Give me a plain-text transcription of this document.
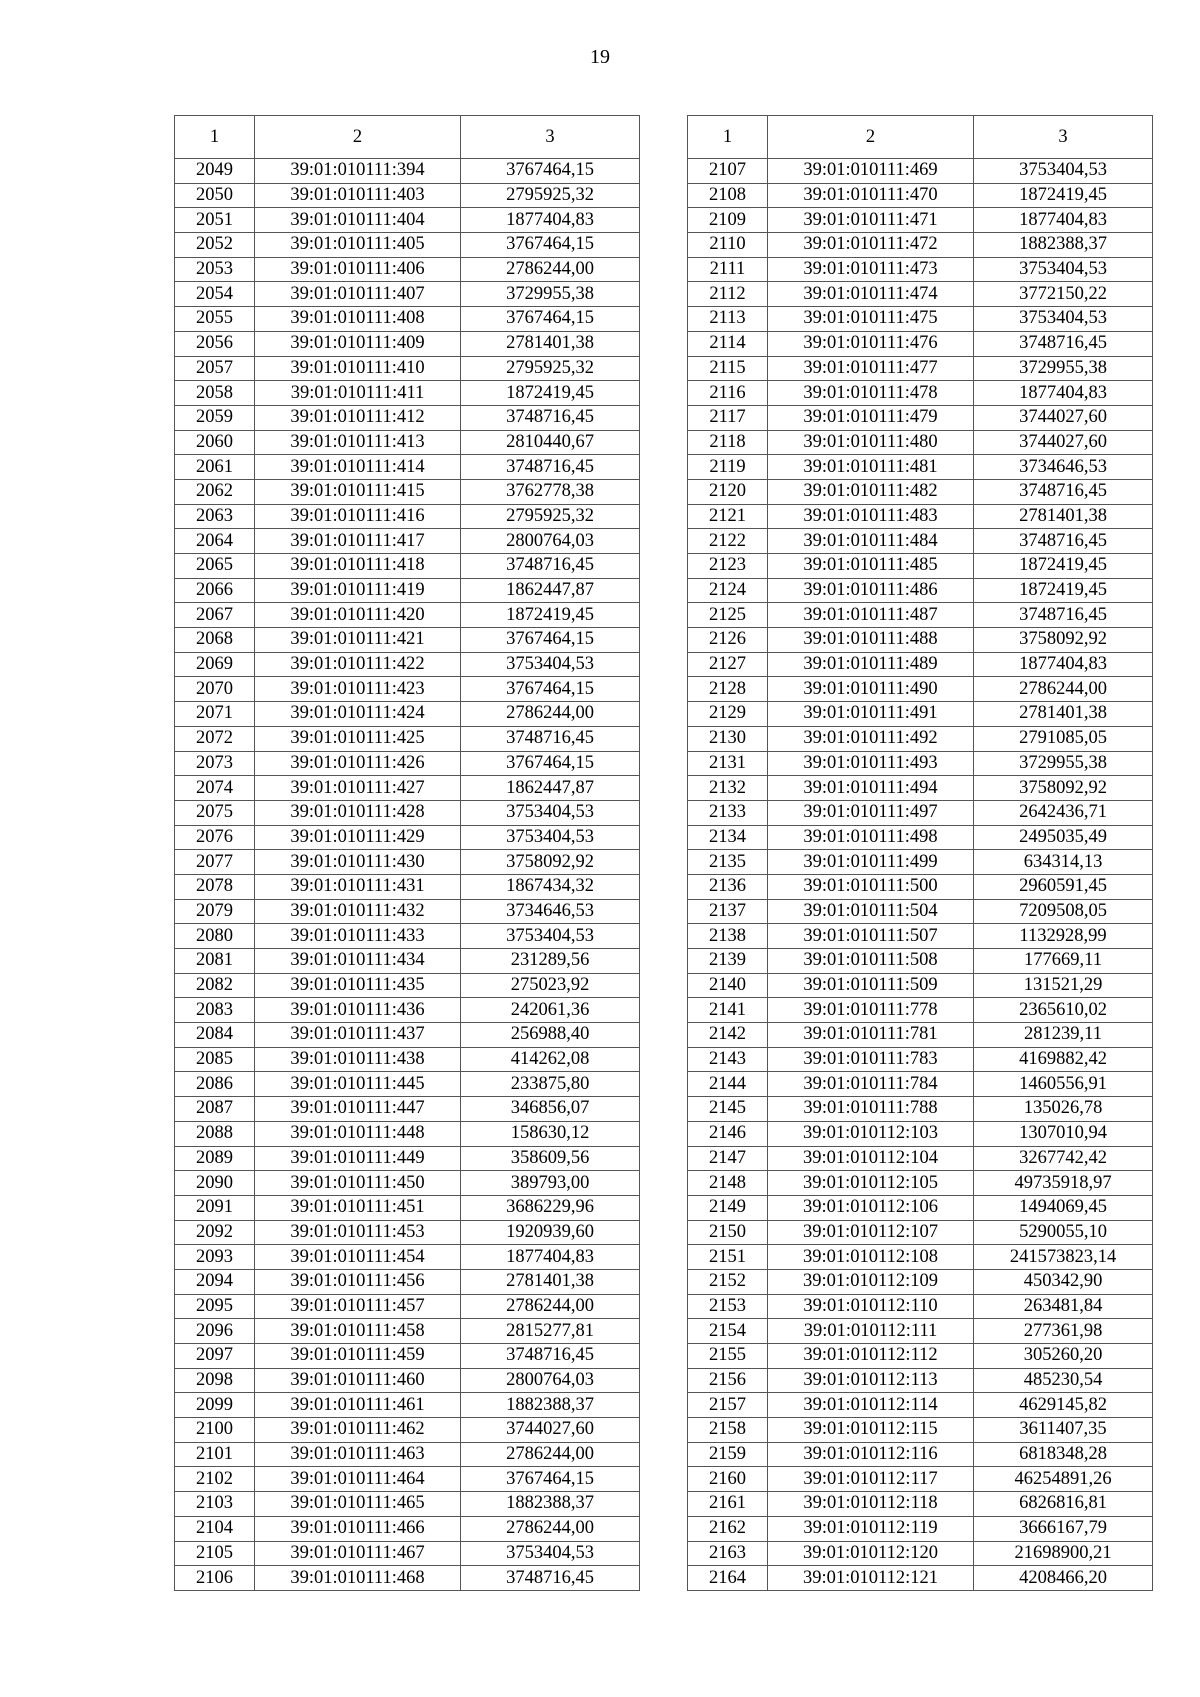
19
1	2	3
2049	39:01:010111:394	3767464,15
2050	39:01:010111:403	2795925,32
2051	39:01:010111:404	1877404,83
2052	39:01:010111:405	3767464,15
2053	39:01:010111:406	2786244,00
2054	39:01:010111:407	3729955,38
2055	39:01:010111:408	3767464,15
2056	39:01:010111:409	2781401,38
2057	39:01:010111:410	2795925,32
2058	39:01:010111:411	1872419,45
2059	39:01:010111:412	3748716,45
2060	39:01:010111:413	2810440,67
2061	39:01:010111:414	3748716,45
2062	39:01:010111:415	3762778,38
2063	39:01:010111:416	2795925,32
2064	39:01:010111:417	2800764,03
2065	39:01:010111:418	3748716,45
2066	39:01:010111:419	1862447,87
2067	39:01:010111:420	1872419,45
2068	39:01:010111:421	3767464,15
2069	39:01:010111:422	3753404,53
2070	39:01:010111:423	3767464,15
2071	39:01:010111:424	2786244,00
2072	39:01:010111:425	3748716,45
2073	39:01:010111:426	3767464,15
2074	39:01:010111:427	1862447,87
2075	39:01:010111:428	3753404,53
2076	39:01:010111:429	3753404,53
2077	39:01:010111:430	3758092,92
2078	39:01:010111:431	1867434,32
2079	39:01:010111:432	3734646,53
2080	39:01:010111:433	3753404,53
2081	39:01:010111:434	231289,56
2082	39:01:010111:435	275023,92
2083	39:01:010111:436	242061,36
2084	39:01:010111:437	256988,40
2085	39:01:010111:438	414262,08
2086	39:01:010111:445	233875,80
2087	39:01:010111:447	346856,07
2088	39:01:010111:448	158630,12
2089	39:01:010111:449	358609,56
2090	39:01:010111:450	389793,00
2091	39:01:010111:451	3686229,96
2092	39:01:010111:453	1920939,60
2093	39:01:010111:454	1877404,83
2094	39:01:010111:456	2781401,38
2095	39:01:010111:457	2786244,00
2096	39:01:010111:458	2815277,81
2097	39:01:010111:459	3748716,45
2098	39:01:010111:460	2800764,03
2099	39:01:010111:461	1882388,37
2100	39:01:010111:462	3744027,60
2101	39:01:010111:463	2786244,00
2102	39:01:010111:464	3767464,15
2103	39:01:010111:465	1882388,37
2104	39:01:010111:466	2786244,00
2105	39:01:010111:467	3753404,53
2106	39:01:010111:468	3748716,45
1	2	3
2107	39:01:010111:469	3753404,53
2108	39:01:010111:470	1872419,45
2109	39:01:010111:471	1877404,83
2110	39:01:010111:472	1882388,37
2111	39:01:010111:473	3753404,53
2112	39:01:010111:474	3772150,22
2113	39:01:010111:475	3753404,53
2114	39:01:010111:476	3748716,45
2115	39:01:010111:477	3729955,38
2116	39:01:010111:478	1877404,83
2117	39:01:010111:479	3744027,60
2118	39:01:010111:480	3744027,60
2119	39:01:010111:481	3734646,53
2120	39:01:010111:482	3748716,45
2121	39:01:010111:483	2781401,38
2122	39:01:010111:484	3748716,45
2123	39:01:010111:485	1872419,45
2124	39:01:010111:486	1872419,45
2125	39:01:010111:487	3748716,45
2126	39:01:010111:488	3758092,92
2127	39:01:010111:489	1877404,83
2128	39:01:010111:490	2786244,00
2129	39:01:010111:491	2781401,38
2130	39:01:010111:492	2791085,05
2131	39:01:010111:493	3729955,38
2132	39:01:010111:494	3758092,92
2133	39:01:010111:497	2642436,71
2134	39:01:010111:498	2495035,49
2135	39:01:010111:499	634314,13
2136	39:01:010111:500	2960591,45
2137	39:01:010111:504	7209508,05
2138	39:01:010111:507	1132928,99
2139	39:01:010111:508	177669,11
2140	39:01:010111:509	131521,29
2141	39:01:010111:778	2365610,02
2142	39:01:010111:781	281239,11
2143	39:01:010111:783	4169882,42
2144	39:01:010111:784	1460556,91
2145	39:01:010111:788	135026,78
2146	39:01:010112:103	1307010,94
2147	39:01:010112:104	3267742,42
2148	39:01:010112:105	49735918,97
2149	39:01:010112:106	1494069,45
2150	39:01:010112:107	5290055,10
2151	39:01:010112:108	241573823,14
2152	39:01:010112:109	450342,90
2153	39:01:010112:110	263481,84
2154	39:01:010112:111	277361,98
2155	39:01:010112:112	305260,20
2156	39:01:010112:113	485230,54
2157	39:01:010112:114	4629145,82
2158	39:01:010112:115	3611407,35
2159	39:01:010112:116	6818348,28
2160	39:01:010112:117	46254891,26
2161	39:01:010112:118	6826816,81
2162	39:01:010112:119	3666167,79
2163	39:01:010112:120	21698900,21
2164	39:01:010112:121	4208466,20
